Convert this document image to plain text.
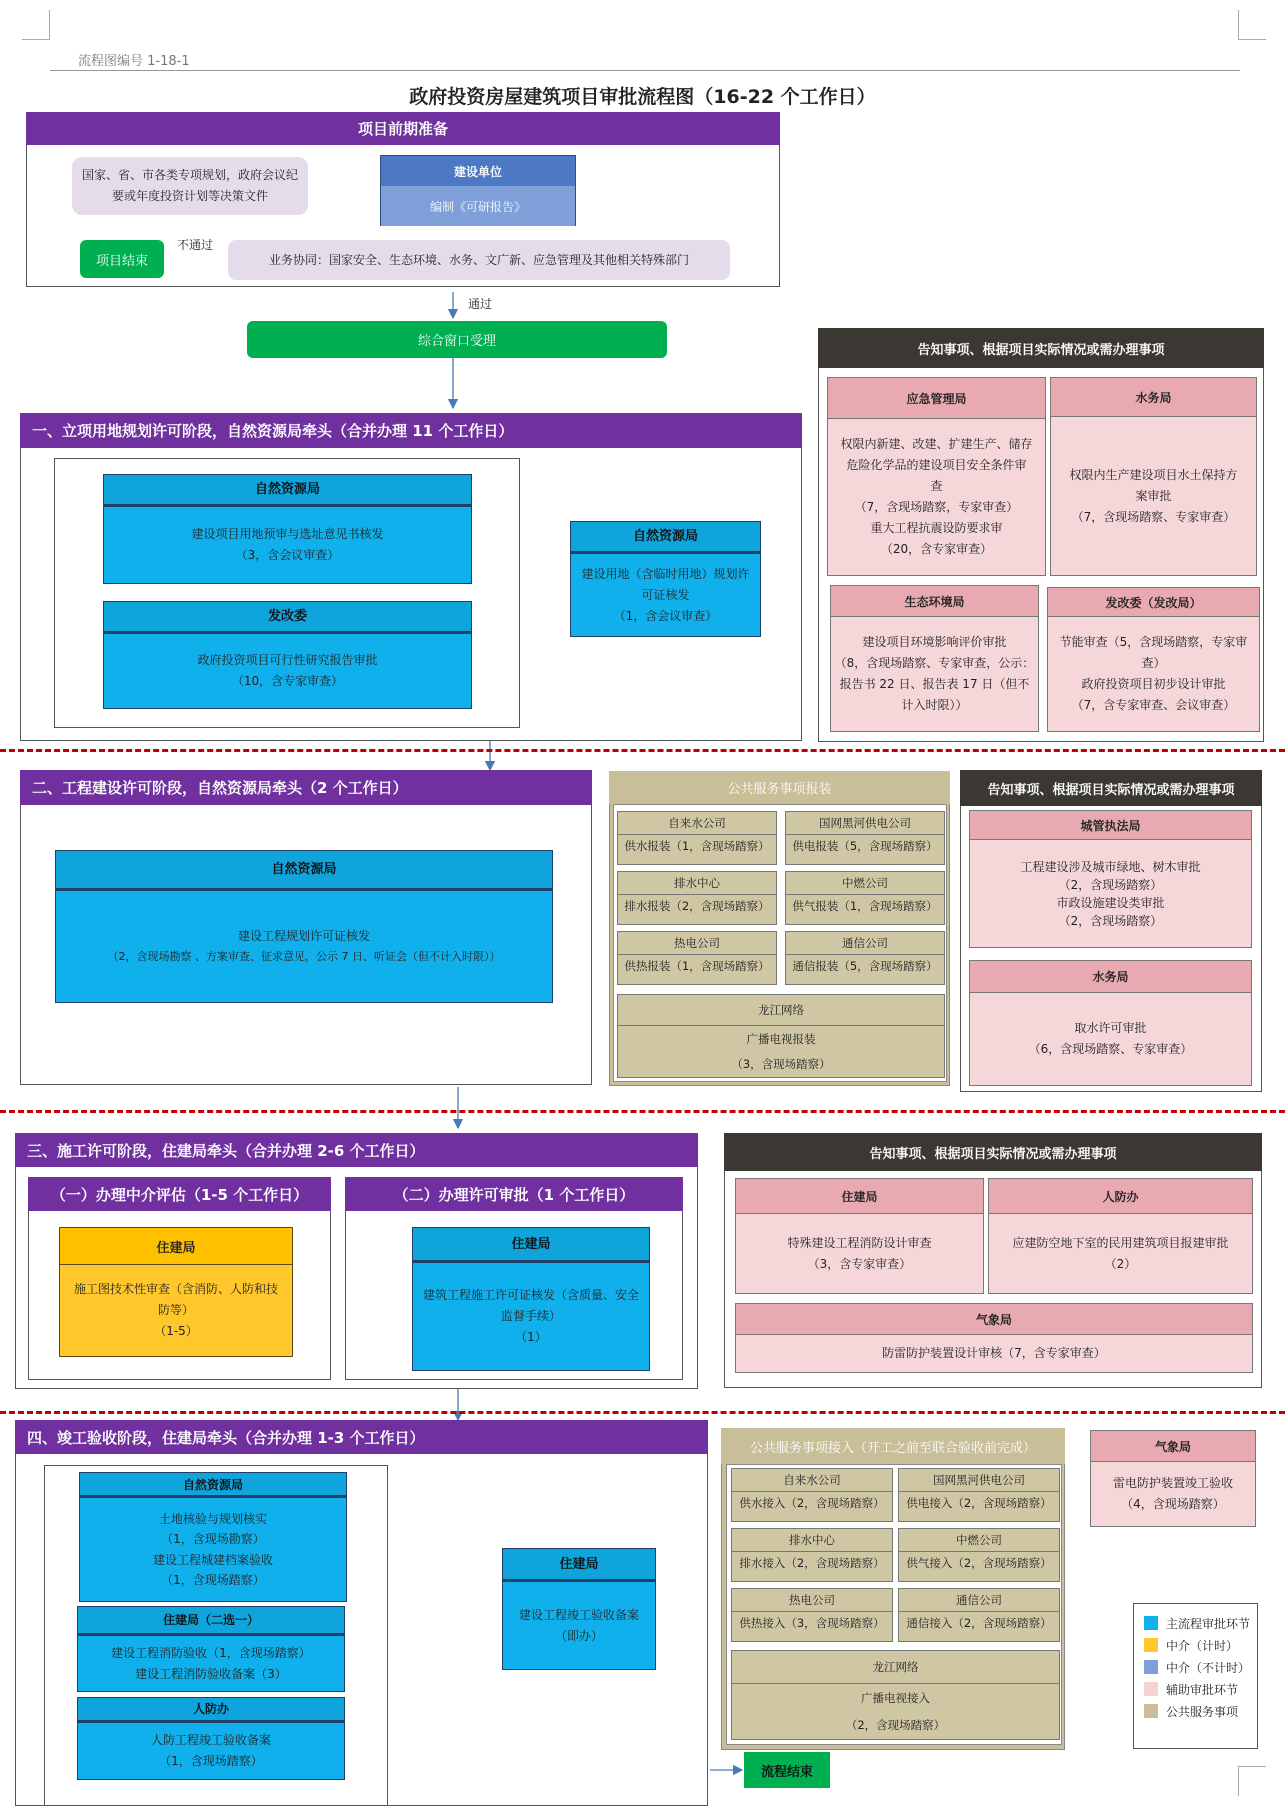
流程图编号 1-18-1
政府投资房屋建筑项目审批流程图（16-22 个工作日）
项目前期准备
国家、省、市各类专项规划，政府会议纪要或年度投资计划等决策文件
建设单位
编制《可研报告》
项目结束
不通过
业务协同：国家安全、生态环境、水务、文广新、应急管理及其他相关特殊部门
通过
综合窗口受理
一、立项用地规划许可阶段，自然资源局牵头（合并办理 11 个工作日）
自然资源局
建设项目用地预审与选址意见书核发
（3，含会议审查）
发改委
政府投资项目可行性研究报告审批
（10，含专家审查）
自然资源局
建设用地（含临时用地）规划许
可证核发
（1，含会议审查）
告知事项、根据项目实际情况或需办理事项
应急管理局
权限内新建、改建、扩建生产、储存
危险化学品的建设项目安全条件审
查
（7，含现场踏察，专家审查）
重大工程抗震设防要求审
（20，含专家审查）
水务局
权限内生产建设项目水土保持方
案审批
（7，含现场踏察、专家审查）
生态环境局
建设项目环境影响评价审批
（8，含现场踏察、专家审查，公示：
报告书 22 日、报告表 17 日（但不
计入时限））
发改委（发改局）
节能审查（5，含现场踏察，专家审
查）
政府投资项目初步设计审批
（7，含专家审查、会议审查）
二、工程建设许可阶段，自然资源局牵头（2 个工作日）
自然资源局
建设工程规划许可证核发
（2，含现场勘察 、方案审查、征求意见，公示 7 日、听证会（但不计入时限））
公共服务事项报装
自来水公司
供水报装（1，含现场踏察）
国网黑河供电公司
供电报装（5，含现场踏察）
排水中心
排水报装（2，含现场踏察）
中燃公司
供气报装（1，含现场踏察）
热电公司
供热报装（1，含现场踏察）
通信公司
通信报装（5，含现场踏察）
龙江网络
广播电视报装
（3，含现场踏察）
告知事项、根据项目实际情况或需办理事项
城管执法局
工程建设涉及城市绿地、树木审批
（2，含现场踏察）
市政设施建设类审批
（2，含现场踏察）
水务局
取水许可审批
（6，含现场踏察、专家审查）
三、施工许可阶段，住建局牵头（合并办理 2-6 个工作日）
（一）办理中介评估（1-5 个工作日）	（二）办理许可审批（1 个工作日）
住建局
施工图技术性审查（含消防、人防和技
防等）
（1-5）
住建局
建筑工程施工许可证核发（含质量、安全
监督手续）
（1）
告知事项、根据项目实际情况或需办理事项
住建局
特殊建设工程消防设计审查
（3，含专家审查）
人防办
应建防空地下室的民用建筑项目报建审批
（2）
气象局
防雷防护装置设计审核（7，含专家审查）
四、竣工验收阶段，住建局牵头（合并办理 1-3 个工作日）
自然资源局
土地核验与规划核实
（1，含现场勘察）
建设工程城建档案验收
（1，含现场踏察）
住建局（二选一）
建设工程消防验收（1，含现场踏察）
建设工程消防验收备案（3）
人防办
人防工程竣工验收备案
（1，含现场踏察）
住建局
建设工程竣工验收备案
（即办）
公共服务事项接入（开工之前至联合验收前完成）
自来水公司
供水接入（2，含现场踏察）
国网黑河供电公司
供电接入（2，含现场踏察）
排水中心
排水接入（2，含现场踏察）
中燃公司
供气接入（2，含现场踏察）
热电公司
供热接入（3，含现场踏察）
通信公司
通信接入（2，含现场踏察）
龙江网络
广播电视接入
（2，含现场踏察）
气象局
雷电防护装置竣工验收
（4，含现场踏察）
主流程审批环节
中介（计时）
中介（不计时）
辅助审批环节
公共服务事项
流程结束
